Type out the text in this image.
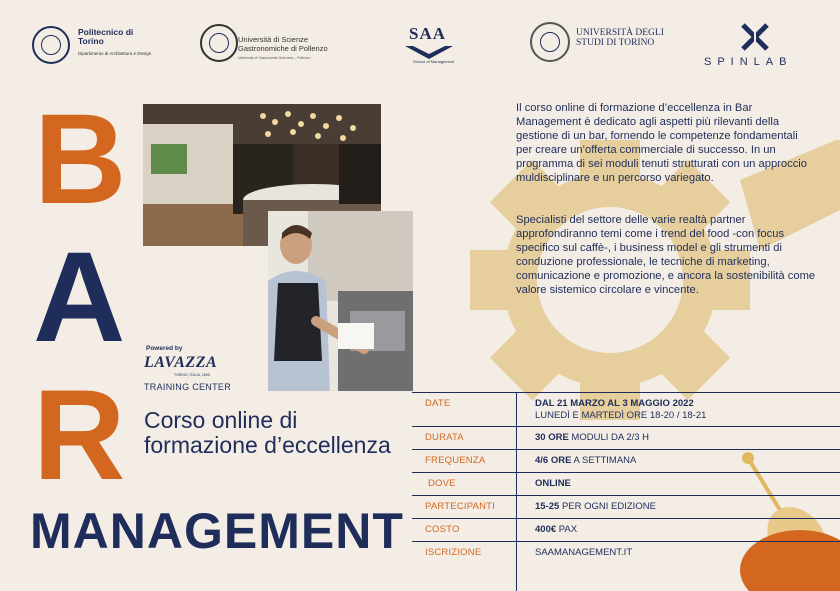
Politecnico di Torino
Dipartimento di Architettura e Design
Università di Scienze Gastronomiche di Pollenzo
University of Gastronomic Sciences – Pollenzo
SAA
School of Management
UNIVERSITÀ DEGLI STUDI DI TORINO
SPINLAB
B
A
R
Powered by
LAVAZZA
TORINO, ITALIA, 1895
TRAINING CENTER
Corso online di formazione d’eccellenza
MANAGEMENT

Il corso online di formazione d’eccellenza in Bar Management è dedicato agli aspetti più rilevanti della gestione di un bar, fornendo le competenze fondamentali per creare un’offerta commerciale di successo. In un programma di sei moduli tenuti strutturati con un approccio muldisciplinare e un percorso variegato.

Specialisti del settore delle varie realtà partner approfondiranno temi come i trend del food -con focus specifico sul caffè-, i business model e gli strumenti di conduzione professionale, le tecniche di marketing, comunicazione e promozione, e ancora la sostenibilità come valore sistemico circolare e vincente.

DATE	DAL 21 MARZO AL 3 MAGGIO 2022
LUNEDÌ E MARTEDÌ ORE 18-20 / 18-21
DURATA	30 ORE MODULI DA 2/3 H
FREQUENZA	4/6 ORE A SETTIMANA
DOVE	ONLINE
PARTECIPANTI	15-25 PER OGNI EDIZIONE
COSTO	400€ PAX
ISCRIZIONE	SAAMANAGEMENT.IT
